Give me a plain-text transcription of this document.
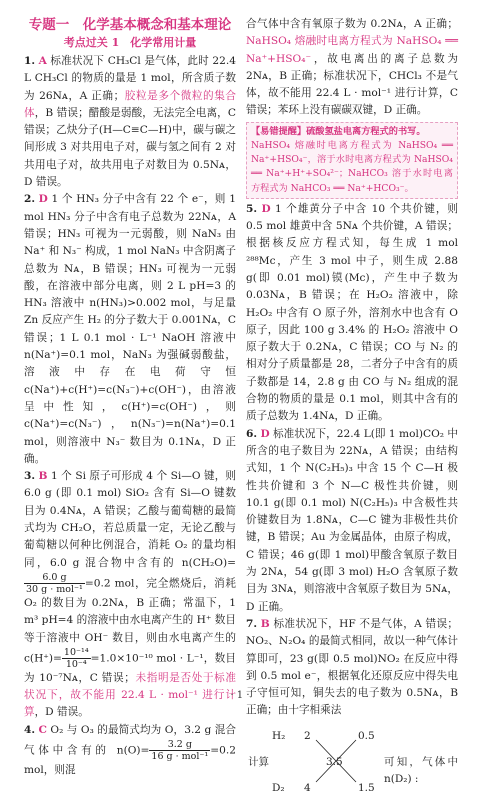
专题一　化学基本概念和基本理论
考点过关 1　化学常用计量

1. A 标准状况下 CH₃Cl 是气体，此时 22.4 L CH₃Cl 的物质的量是 1 mol，所含质子数为 26Nᴀ，A 正确；胶粒是多个微粒的集合体，B 错误；醋酸是弱酸，无法完全电离，C 错误；乙炔分子(H—C≡C—H)中，碳与碳之间形成 3 对共用电子对，碳与氢之间有 2 对共用电子对，故共用电子对数目为 0.5Nᴀ，D 错误。

2. D 1 个 HN₃ 分子中含有 22 个 e⁻，则 1 mol HN₃ 分子中含有电子总数为 22Nᴀ，A 错误；HN₃ 可视为一元弱酸，则 NaN₃ 由 Na⁺ 和 N₃⁻ 构成，1 mol NaN₃ 中含阴离子总数为 Nᴀ，B 错误；HN₃ 可视为一元弱酸，在溶液中部分电离，则 2 L pH=3 的 HN₃ 溶液中 n(HN₃)>0.002 mol，与足量 Zn 反应产生 H₂ 的分子数大于 0.001Nᴀ，C 错误；1 L 0.1 mol · L⁻¹ NaOH 溶液中 n(Na⁺)=0.1 mol，NaN₃ 为强碱弱酸盐，溶液中存在电荷守恒 c(Na⁺)+c(H⁺)=c(N₃⁻)+c(OH⁻)，由溶液呈中性知，c(H⁺)=c(OH⁻)，则 c(Na⁺)=c(N₃⁻)，n(N₃⁻)=n(Na⁺)=0.1 mol，则溶液中 N₃⁻ 数目为 0.1Nᴀ，D 正确。

3. B 1 个 Si 原子可形成 4 个 Si—O 键，则 6.0 g (即 0.1 mol) SiO₂ 含有 Si—O 键数目为 0.4Nᴀ，A 错误；乙酸与葡萄糖的最简式均为 CH₂O，若总质量一定，无论乙酸与葡萄糖以何种比例混合，消耗 O₂ 的量均相同，6.0 g 混合物中含有的 n(CH₂O)=
6.0 g
30 g · mol⁻¹ =0.2 mol，完全燃烧后，消耗 O₂ 的数目为 0.2Nᴀ，B 正确；常温下，1 m³ pH=4 的溶液中由水电离产生的 H⁺ 数目等于溶液中 OH⁻ 数目，则由水电离产生的 $c(H^+)= \frac{\text{10⁻¹⁴}}{\text{10⁻⁴}} =1.0\times 10^{-10}$ mol · L⁻¹，数目为 10⁻⁷Nᴀ，C 错误；未指明是否处于标准状况下，故不能用 22.4 L · mol⁻¹ 进行计算，D 错误。

4. C O₂ 与 O₃ 的最简式均为 O，3.2 g 混合气体中含有的 n(O)=	3.2 g
16 g · mol⁻¹ =0.2 mol，则混

合气体中含有氧原子数为 0.2Nᴀ，A 正确；NaHSO₄ 熔融时电离方程式为 NaHSO₄ ══ Na⁺+HSO₄⁻，故电离出的离子总数为 2Nᴀ，B 正确；标准状况下，CHCl₃ 不是气体，故不能用 22.4 L · mol⁻¹ 进行计算，C 错误；苯环上没有碳碳双键，D 正确。

【易错提醒】硫酸氢盐电离方程式的书写。
NaHSO₄ 熔融时电离方程式为 NaHSO₄ ══ Na⁺+HSO₄⁻，溶于水时电离方程式为 NaHSO₄ ══ Na⁺+H⁺+SO₄²⁻；NaHCO₃ 溶于水时电离方程式为 NaHCO₃ ══ Na⁺+HCO₃⁻。

5. D 1 个雄黄分子中含 10 个共价键，则 0.5 mol 雄黄中含 5Nᴀ 个共价键，A 错误；根据核反应方程式知，每生成 1 mol ²⁸⁸Mc，产生 3 mol 中子，则生成 2.88 g(即 0.01 mol)镆(Mc)，产生中子数为 0.03Nᴀ，B 错误；在 H₂O₂ 溶液中，除 H₂O₂ 中含有 O 原子外，溶剂水中也含有 O 原子，因此 100 g 3.4% 的 H₂O₂ 溶液中 O 原子数大于 0.2Nᴀ，C 错误；CO 与 N₂ 的相对分子质量都是 28，二者分子中含有的质子数都是 14，2.8 g 由 CO 与 N₂ 组成的混合物的物质的量是 0.1 mol，则其中含有的质子总数为 1.4Nᴀ，D 正确。

6. D 标准状况下，22.4 L(即 1 mol)CO₂ 中所含的电子数目为 22Nᴀ，A 错误；由结构式知，1 个 N(C₂H₅)₃ 中含 15 个 C—H 极性共价键和 3 个 N—C 极性共价键，则 10.1 g(即 0.1 mol) N(C₂H₅)₃ 中含极性共价键数目为 1.8Nᴀ，C—C 键为非极性共价键，B 错误；Au 为金属晶体，由原子构成，C 错误；46 g(即 1 mol)甲酸含氧原子数目为 2Nᴀ，54 g(即 3 mol) H₂O 含氧原子数目为 3Nᴀ，则溶液中含氧原子数目为 5Nᴀ，D 正确。

7. B 标准状况下，HF 不是气体，A 错误；NO₂、N₂O₄ 的最简式相同，故以一种气体计算即可，23 g(即 0.5 mol)NO₂ 在反应中得到 0.5 mol e⁻，根据氧化还原反应中得失电子守恒可知，铜失去的电子数为 0.5Nᴀ，B 正确；由十字相乘法

计算
H₂ 2	0.5
3.5
D₂ 4	1.5
可知，气体中 n(D₂) :
· 1 ·
